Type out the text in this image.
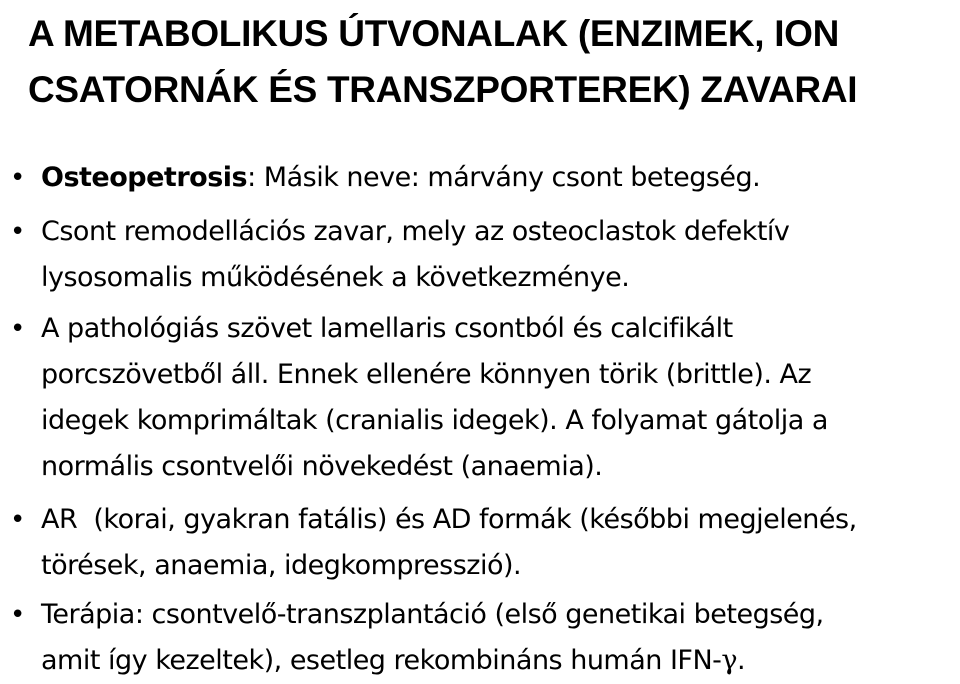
A METABOLIKUS ÚTVONALAK (ENZIMEK, ION
CSATORNÁK ÉS TRANSZPORTEREK) ZAVARAI
• Osteopetrosis: Másik neve: márvány csont betegség.
• Csont remodellációs zavar, mely az osteoclastok defektív
lysosomalis működésének a következménye.
• A pathológiás szövet lamellaris csontból és calcifikált
porcszövetből áll. Ennek ellenére könnyen törik (brittle). Az
idegek komprimáltak (cranialis idegek). A folyamat gátolja a
normális csontvelői növekedést (anaemia).
• AR  (korai, gyakran fatális) és AD formák (későbbi megjelenés,
törések, anaemia, idegkompresszió).
• Terápia: csontvelő-transzplantáció (első genetikai betegség,
amit így kezeltek), esetleg rekombináns humán IFN-γ.
